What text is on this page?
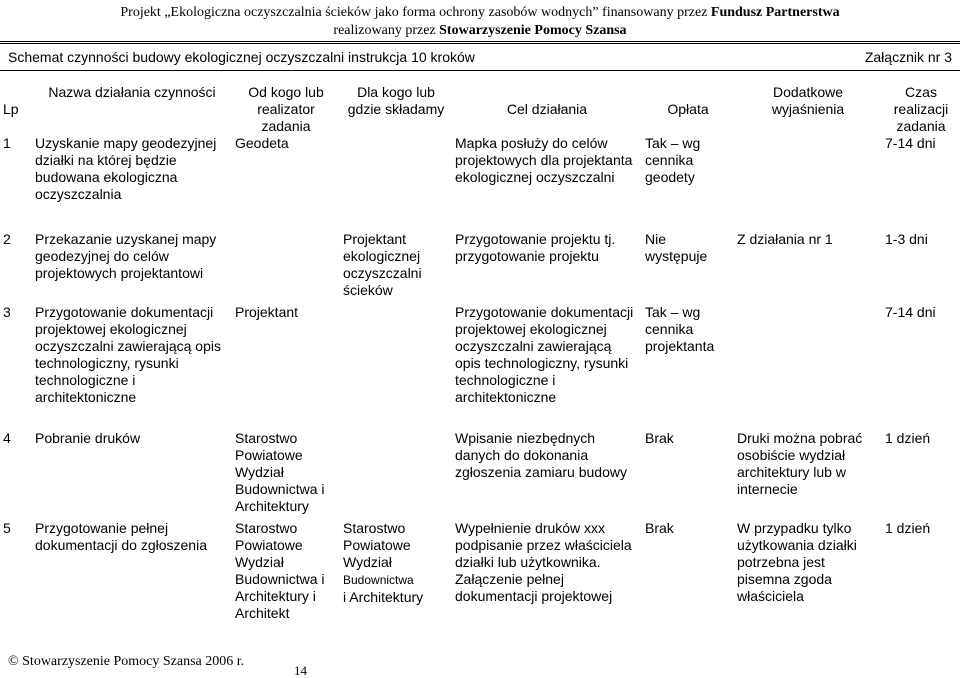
Projekt „Ekologiczna oczyszczalnia ścieków jako forma ochrony zasobów wodnych” finansowany przez Fundusz Partnerstwa
realizowany przez Stowarzyszenie Pomocy Szansa
Schemat czynności budowy ekologicznej oczyszczalni instrukcja 10 kroków	Załącznik nr 3
Lp	Nazwa działania czynności	Od kogo lub realizator zadania	Dla kogo lub gdzie składamy	Cel działania	Opłata	Dodatkowe wyjaśnienia	Czas realizacji zadania
1	Uzyskanie mapy geodezyjnej działki na której będzie budowana ekologiczna oczyszczalnia	Geodeta		Mapka posłuży do celów projektowych dla projektanta ekologicznej oczyszczalni	Tak – wg cennika geodety		7-14 dni
2	Przekazanie uzyskanej mapy geodezyjnej do celów projektowych projektantowi		Projektant ekologicznej oczyszczalni ścieków	Przygotowanie projektu tj. przygotowanie projektu	Nie występuje	Z działania nr 1	1-3 dni
3	Przygotowanie dokumentacji projektowej ekologicznej oczyszczalni zawierającą opis technologiczny, rysunki technologiczne i architektoniczne	Projektant		Przygotowanie dokumentacji projektowej ekologicznej oczyszczalni zawierającą opis technologiczny, rysunki technologiczne i architektoniczne	Tak – wg cennika projektanta		7-14 dni
4	Pobranie druków	Starostwo Powiatowe Wydział Budownictwa i Architektury		Wpisanie niezbędnych danych do dokonania zgłoszenia zamiaru budowy	Brak	Druki można pobrać osobiście wydział architektury lub w internecie	1 dzień
5	Przygotowanie pełnej dokumentacji do zgłoszenia	Starostwo Powiatowe Wydział Budownictwa i Architektury i Architekt	Starostwo Powiatowe Wydział
Budownictwa
i Architektury	Wypełnienie druków xxx podpisanie przez właściciela działki lub użytkownika. Załączenie pełnej dokumentacji projektowej	Brak	W przypadku tylko użytkowania działki potrzebna jest pisemna zgoda właściciela	1 dzień
© Stowarzyszenie Pomocy Szansa 2006 r.
14
